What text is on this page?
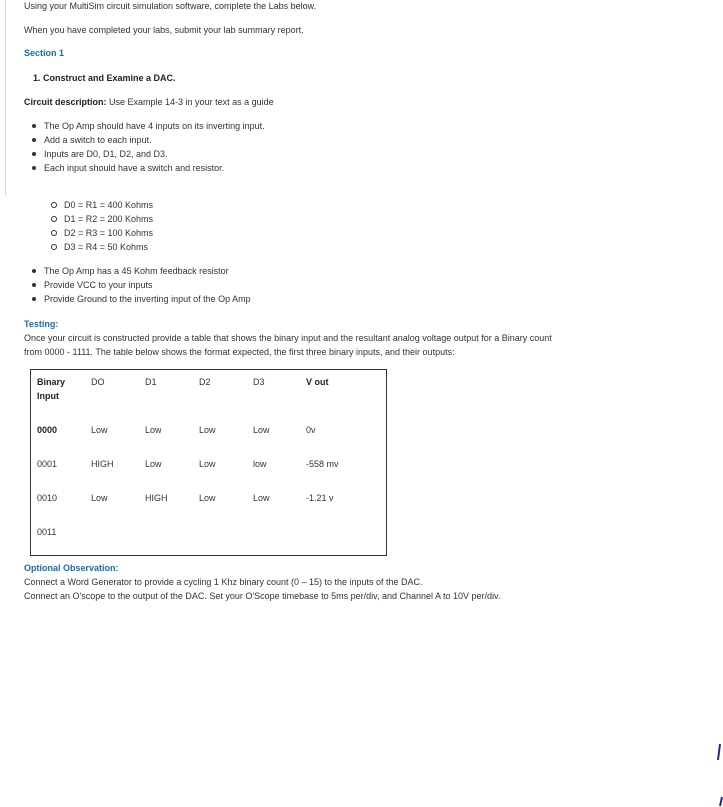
Using your MultiSim circuit simulation software, complete the Labs below.
When you have completed your labs, submit your lab summary report.
Section 1
1. Construct and Examine a DAC.
Circuit description: Use Example 14-3 in your text as a guide
The Op Amp should have 4 inputs on its inverting input.
Add a switch to each input.
Inputs are D0, D1, D2, and D3.
Each input should have a switch and resistor.
D0 = R1 = 400 Kohms
D1 = R2 = 200 Kohms
D2 = R3 = 100 Kohms
D3 = R4 = 50 Kohms
The Op Amp has a 45 Kohm feedback resistor
Provide VCC to your inputs
Provide Ground to the inverting input of the Op Amp
Testing:
Once your circuit is constructed provide a table that shows the binary input and the resultant analog voltage output for a Binary count
from 0000 - 1111. The table below shows the format expected, the first three binary inputs, and their outputs:
Binary
Input
DO	D1	D2	D3	V out
0000	Low	Low	Low	Low	0v
0001	HIGH	Low	Low	low	-558 mv
0010	Low	HIGH	Low	Low	-1.21 v
0011
Optional Observation:
Connect a Word Generator to provide a cycling 1 Khz binary count (0 – 15) to the inputs of the DAC.
Connect an O'scope to the output of the DAC. Set your O'Scope timebase to 5ms per/div, and Channel A to 10V per/div.
